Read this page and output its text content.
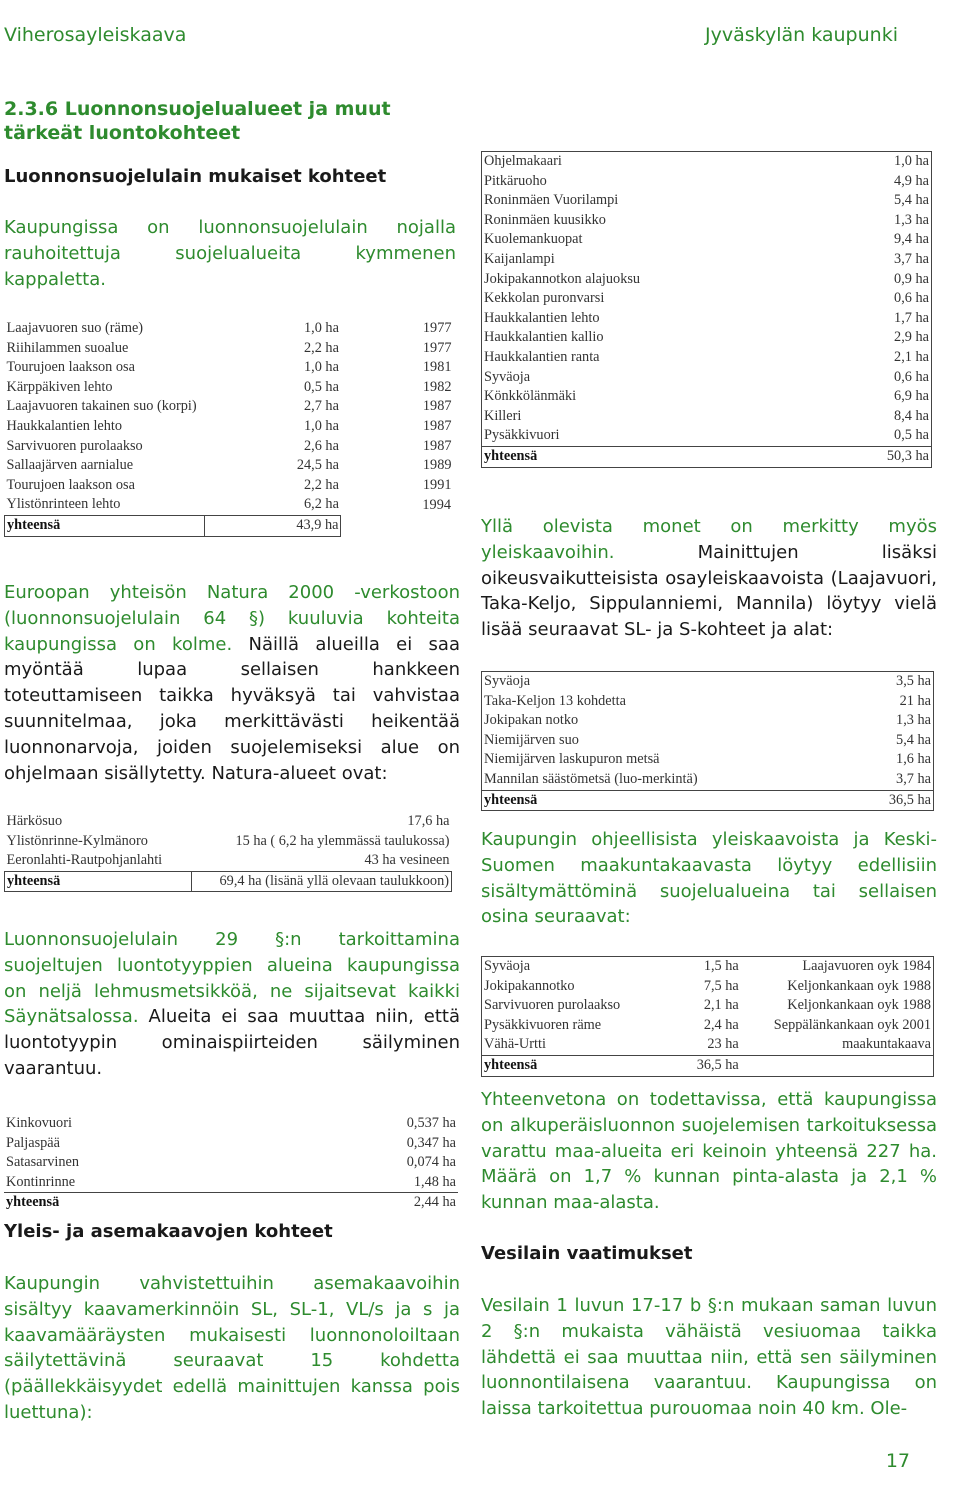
Viherosayleiskaava	Jyväskylän kaupunki
2.3.6 Luonnonsuojelualueet ja muut tärkeät luontokohteet
Luonnonsuojelulain mukaiset kohteet
Kaupungissa on luonnonsuojelulain nojalla rauhoitettuja suojelualueita kymmenen kappaletta.
Laajavuoren suo (räme)	1,0 ha	1977
Riihilammen suoalue	2,2 ha	1977
Tourujoen laakson osa	1,0 ha	1981
Kärppäkiven lehto	0,5 ha	1982
Laajavuoren takainen suo (korpi)	2,7 ha	1987
Haukkalantien lehto	1,0 ha	1987
Sarvivuoren purolaakso	2,6 ha	1987
Sallaajärven aarnialue	24,5 ha	1989
Tourujoen laakson osa	2,2 ha	1991
Ylistönrinteen lehto	6,2 ha	1994
yhteensä	43,9 ha	
Euroopan yhteisön Natura 2000 -verkostoon (luonnonsuojelulain 64 §) kuuluvia kohteita kaupungissa on kolme. Näillä alueilla ei saa myöntää lupaa sellaisen hankkeen toteuttamiseen taikka hyväksyä tai vahvistaa suunnitelmaa, joka merkittävästi heikentää luonnonarvoja, joiden suojelemiseksi alue on ohjelmaan sisällytetty. Natura-alueet ovat:
Härkösuo	17,6 ha
Ylistönrinne-Kylmänoro	15 ha ( 6,2 ha ylemmässä taulukossa)
Eeronlahti-Rautpohjanlahti	43 ha vesineen
yhteensä	69,4 ha (lisänä yllä olevaan taulukkoon)
Luonnonsuojelulain 29 §:n tarkoittamina suojeltujen luontotyyppien alueina kaupungissa on neljä lehmusmetsikköä, ne sijaitsevat kaikki Säynätsalossa. Alueita ei saa muuttaa niin, että luontotyypin ominaispiirteiden säilyminen vaarantuu.
Kinkovuori	0,537 ha
Paljaspää	0,347 ha
Satasarvinen	0,074 ha
Kontinrinne	1,48 ha
yhteensä	2,44 ha
Yleis- ja asemakaavojen kohteet
Kaupungin vahvistettuihin asemakaavoihin sisältyy kaavamerkinnöin SL, SL-1, VL/s ja s ja kaavamääräysten mukaisesti luonnonoloiltaan säilytettävinä seuraavat 15 kohdetta (päällekkäisyydet edellä mainittujen kanssa pois luettuna):
Ohjelmakaari	1,0 ha
Pitkäruoho	4,9 ha
Roninmäen Vuorilampi	5,4 ha
Roninmäen kuusikko	1,3 ha
Kuolemankuopat	9,4 ha
Kaijanlampi	3,7 ha
Jokipakannotkon alajuoksu	0,9 ha
Kekkolan puronvarsi	0,6 ha
Haukkalantien lehto	1,7 ha
Haukkalantien kallio	2,9 ha
Haukkalantien ranta	2,1 ha
Syväoja	0,6 ha
Könkkölänmäki	6,9 ha
Killeri	8,4 ha
Pysäkkivuori	0,5 ha
yhteensä	50,3 ha
Yllä olevista monet on merkitty myös yleiskaavoihin. Mainittujen lisäksi oikeusvaikutteisista osayleiskaavoista (Laajavuori, Taka-Keljo, Sippulanniemi, Mannila) löytyy vielä lisää seuraavat SL- ja S-kohteet ja alat:
Syväoja	3,5 ha
Taka-Keljon 13 kohdetta	21 ha
Jokipakan notko	1,3 ha
Niemijärven suo	5,4 ha
Niemijärven laskupuron metsä	1,6 ha
Mannilan säästömetsä (luo-merkintä)	3,7 ha
yhteensä	36,5 ha
Kaupungin ohjeellisista yleiskaavoista ja Keski-Suomen maakuntakaavasta löytyy edellisiin sisältymättöminä suojelualueina tai sellaisen osina seuraavat:
Syväoja	1,5 ha	Laajavuoren oyk 1984
Jokipakannotko	7,5 ha	Keljonkankaan oyk 1988
Sarvivuoren purolaakso	2,1 ha	Keljonkankaan oyk 1988
Pysäkkivuoren räme	2,4 ha	Seppälänkankaan oyk 2001
Vähä-Urtti	23 ha	maakuntakaava
yhteensä	36,5 ha	
Yhteenvetona on todettavissa, että kaupungissa on alkuperäisluonnon suojelemisen tarkoituksessa varattu maa-alueita eri keinoin yhteensä 227 ha. Määrä on 1,7 % kunnan pinta-alasta ja 2,1 % kunnan maa-alasta.
Vesilain vaatimukset
Vesilain 1 luvun 17-17 b §:n mukaan saman luvun 2 §:n mukaista vähäistä vesiuomaa taikka lähdettä ei saa muuttaa niin, että sen säilyminen luonnontilaisena vaarantuu. Kaupungissa on laissa tarkoitettua purouomaa noin 40 km. Ole-
17
